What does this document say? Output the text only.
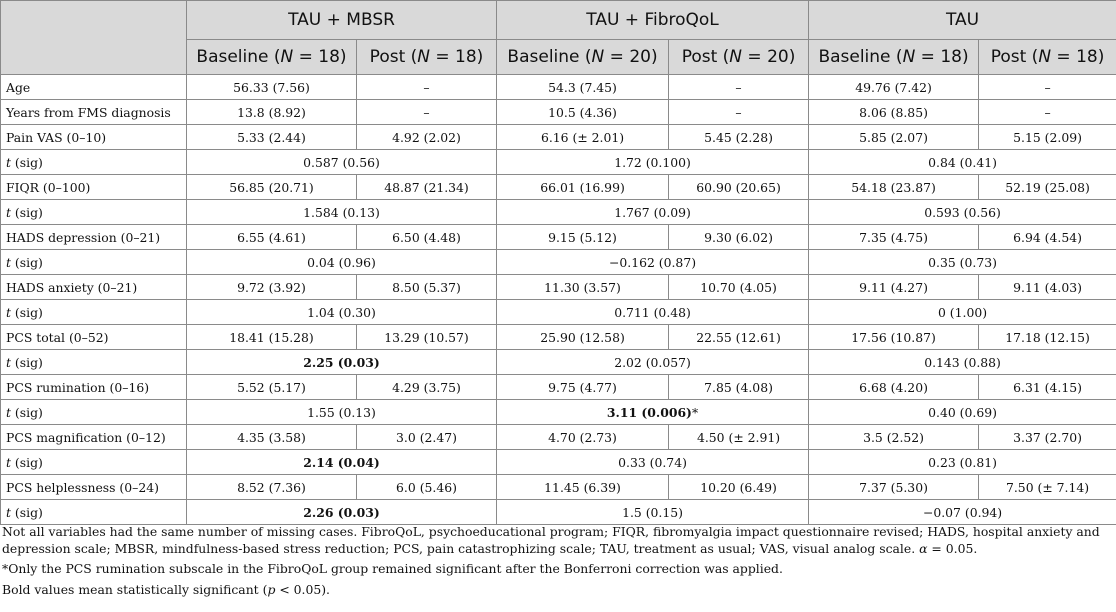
	TAU + MBSR		TAU + FibroQoL		TAU	
	Baseline (N = 18)	Post (N = 18)	Baseline (N = 20)	Post (N = 20)	Baseline (N = 18)	Post (N = 18)
Age	56.33 (7.56)	–	54.3 (7.45)	–	49.76 (7.42)	–
Years from FMS diagnosis	13.8 (8.92)	–	10.5 (4.36)	–	8.06 (8.85)	–
Pain VAS (0–10)	5.33 (2.44)	4.92 (2.02)	6.16 (± 2.01)	5.45 (2.28)	5.85 (2.07)	5.15 (2.09)
t (sig)	0.587 (0.56)		1.72 (0.100)		0.84 (0.41)	
FIQR (0–100)	56.85 (20.71)	48.87 (21.34)	66.01 (16.99)	60.90 (20.65)	54.18 (23.87)	52.19 (25.08)
t (sig)	1.584 (0.13)		1.767 (0.09)		0.593 (0.56)	
HADS depression (0–21)	6.55 (4.61)	6.50 (4.48)	9.15 (5.12)	9.30 (6.02)	7.35 (4.75)	6.94 (4.54)
t (sig)	0.04 (0.96)		−0.162 (0.87)		0.35 (0.73)	
HADS anxiety (0–21)	9.72 (3.92)	8.50 (5.37)	11.30 (3.57)	10.70 (4.05)	9.11 (4.27)	9.11 (4.03)
t (sig)	1.04 (0.30)		0.711 (0.48)		0 (1.00)	
PCS total (0–52)	18.41 (15.28)	13.29 (10.57)	25.90 (12.58)	22.55 (12.61)	17.56 (10.87)	17.18 (12.15)
t (sig)	2.25 (0.03)		2.02 (0.057)		0.143 (0.88)	
PCS rumination (0–16)	5.52 (5.17)	4.29 (3.75)	9.75 (4.77)	7.85 (4.08)	6.68 (4.20)	6.31 (4.15)
t (sig)	1.55 (0.13)		3.11 (0.006)*		0.40 (0.69)	
PCS magnification (0–12)	4.35 (3.58)	3.0 (2.47)	4.70 (2.73)	4.50 (± 2.91)	3.5 (2.52)	3.37 (2.70)
t (sig)	2.14 (0.04)		0.33 (0.74)		0.23 (0.81)	
PCS helplessness (0–24)	8.52 (7.36)	6.0 (5.46)	11.45 (6.39)	10.20 (6.49)	7.37 (5.30)	7.50 (± 7.14)
t (sig)	2.26 (0.03)		1.5 (0.15)		−0.07 (0.94)	

Not all variables had the same number of missing cases. FibroQoL, psychoeducational program; FIQR, fibromyalgia impact questionnaire revised; HADS, hospital anxiety and depression scale; MBSR, mindfulness-based stress reduction; PCS, pain catastrophizing scale; TAU, treatment as usual; VAS, visual analog scale. α = 0.05.

*Only the PCS rumination subscale in the FibroQoL group remained significant after the Bonferroni correction was applied.

Bold values mean statistically significant (p < 0.05).
